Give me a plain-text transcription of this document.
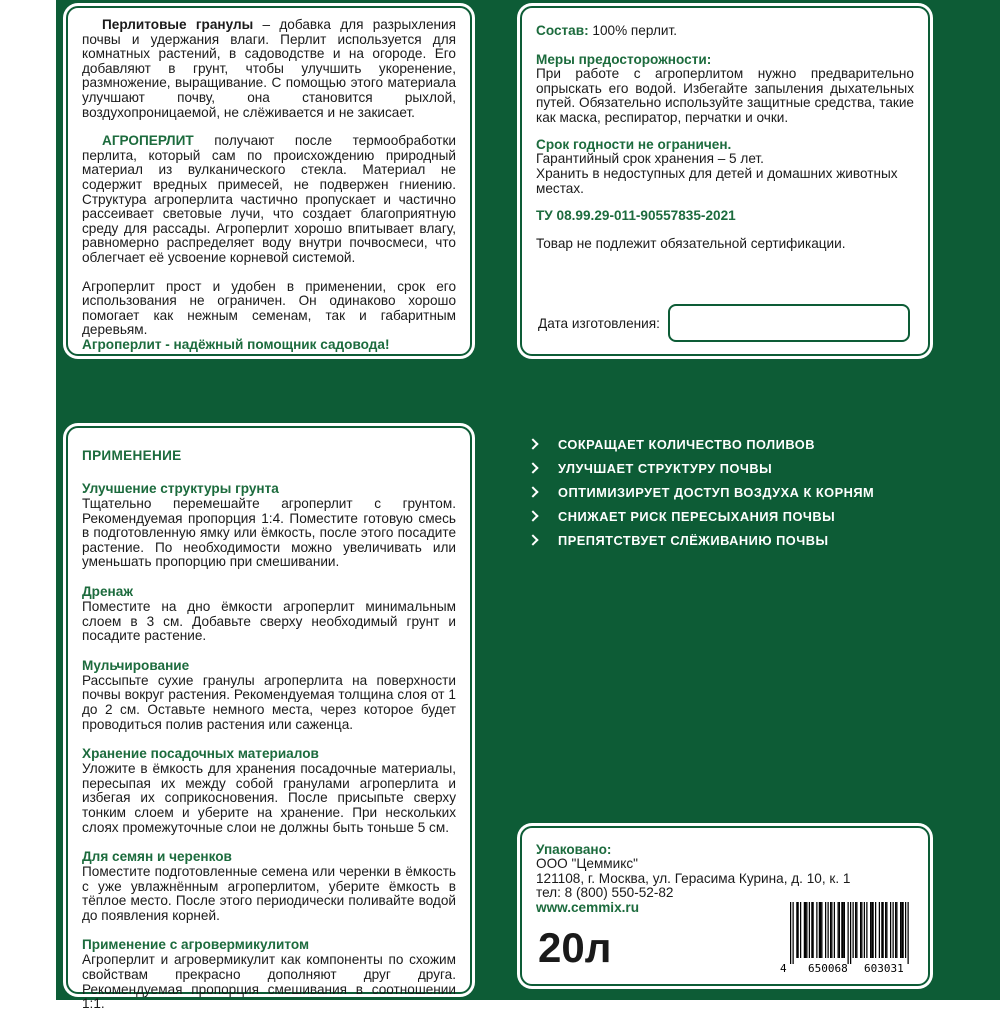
Перлитовые гранулы – добавка для разрыхления почвы и удержания влаги. Перлит используется для комнатных растений, в садоводстве и на огороде. Его добавляют в грунт, чтобы улучшить укоренение, размножение, выращивание. С помощью этого материала улучшают почву, она становится рыхлой, воздухопроницаемой, не слёживается и не закисает.

АГРОПЕРЛИТ получают после термообработки перлита, который сам по происхождению природный материал из вулканического стекла. Материал не содержит вредных примесей, не подвержен гниению. Структура агроперлита частично пропускает и частично рассеивает световые лучи, что создает благоприятную среду для рассады. Агроперлит хорошо впитывает влагу, равномерно распределяет воду внутри почвосмеси, что облегчает её усвоение корневой системой.

Агроперлит прост и удобен в применении, срок его использования не ограничен. Он одинаково хорошо помогает как нежным семенам, так и габаритным деревьям.

Агроперлит - надёжный помощник садовода!

Состав: 100% перлит.
Меры предосторожности:

При работе с агроперлитом нужно предварительно опрыскать его водой. Избегайте запыления дыхательных путей. Обязательно используйте защитные средства, такие как маска, респиратор, перчатки и очки.

Срок годности не ограничен.

Гарантийный срок хранения – 5 лет.

Хранить в недоступных для детей и домашних животных местах.

ТУ 08.99.29-011-90557835-2021

Товар не подлежит обязательной сертификации.

Дата изготовления:
ПРИМЕНЕНИЕ
Улучшение структуры грунта

Тщательно перемешайте агроперлит с грунтом. Рекомендуемая пропорция 1:4. Поместите готовую смесь в подготовленную ямку или ёмкость, после этого посадите растение. По необходимости можно увеличивать или уменьшать пропорцию при смешивании.

Дренаж

Поместите на дно ёмкости агроперлит минимальным слоем в 3 см. Добавьте сверху необходимый грунт и посадите растение.

Мульчирование

Рассыпьте сухие гранулы агроперлита на поверхности почвы вокруг растения. Рекомендуемая толщина слоя от 1 до 2 см. Оставьте немного места, через которое будет проводиться полив растения или саженца.

Хранение посадочных материалов

Уложите в ёмкость для хранения посадочные материалы, пересыпая их между собой гранулами агроперлита и избегая их соприкосновения. После присыпьте сверху тонким слоем и уберите на хранение. При нескольких слоях промежуточные слои не должны быть тоньше 5 см.

Для семян и черенков

Поместите подготовленные семена или черенки в ёмкость с уже увлажнённым агроперлитом, уберите ёмкость в тёплое место. После этого периодически поливайте водой до появления корней.

Применение с агровермикулитом

Агроперлит и агровермикулит как компоненты по схожим свойствам прекрасно дополняют друг друга. Рекомендуемая пропорция смешивания в соотношении 1:1.

СОКРАЩАЕТ КОЛИЧЕСТВО ПОЛИВОВ
УЛУЧШАЕТ СТРУКТУРУ ПОЧВЫ
ОПТИМИЗИРУЕТ ДОСТУП ВОЗДУХА К КОРНЯМ
СНИЖАЕТ РИСК ПЕРЕСЫХАНИЯ ПОЧВЫ
ПРЕПЯТСТВУЕТ СЛЁЖИВАНИЮ ПОЧВЫ
Упаковано:
ООО "Цеммикс"
121108, г. Москва, ул. Герасима Курина, д. 10, к. 1
тел: 8 (800) 550-52-82
www.cemmix.ru
20л	4 650068 603031
